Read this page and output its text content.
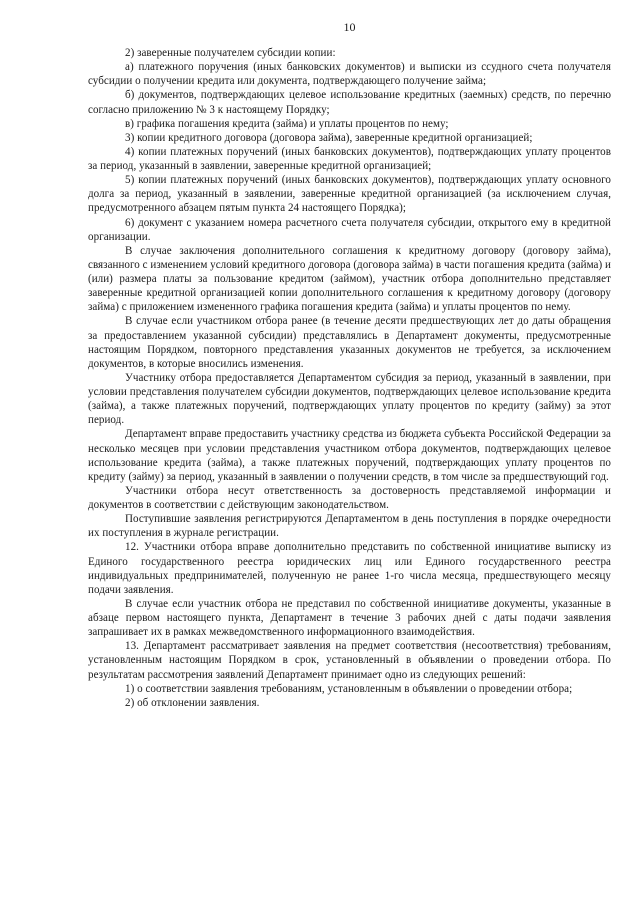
10

2) заверенные получателем субсидии копии:

а) платежного поручения (иных банковских документов) и выписки из ссудного счета получателя субсидии о получении кредита или документа, подтверждающего получение займа;

б) документов, подтверждающих целевое использование кредитных (заемных) средств, по перечню согласно приложению № 3 к настоящему Порядку;

в) графика погашения кредита (займа) и уплаты процентов по нему;

3) копии кредитного договора (договора займа), заверенные кредитной организацией;

4) копии платежных поручений (иных банковских документов), подтверждающих уплату процентов за период, указанный в заявлении, заверенные кредитной организацией;

5) копии платежных поручений (иных банковских документов), подтверждающих уплату основного долга за период, указанный в заявлении, заверенные кредитной организацией (за исключением случая, предусмотренного абзацем пятым пункта 24 настоящего Порядка);

6) документ с указанием номера расчетного счета получателя субсидии, открытого ему в кредитной организации.

В случае заключения дополнительного соглашения к кредитному договору (договору займа), связанного с изменением условий кредитного договора (договора займа) в части погашения кредита (займа) и (или) размера платы за пользование кредитом (займом), участник отбора дополнительно представляет заверенные кредитной организацией копии дополнительного соглашения к кредитному договору (договору займа) с приложением измененного графика погашения кредита (займа) и уплаты процентов по нему.

В случае если участником отбора ранее (в течение десяти предшествующих лет до даты обращения за предоставлением указанной субсидии) представлялись в Департамент документы, предусмотренные настоящим Порядком, повторного представления указанных документов не требуется, за исключением документов, в которые вносились изменения.

Участнику отбора предоставляется Департаментом субсидия за период, указанный в заявлении, при условии представления получателем субсидии документов, подтверждающих целевое использование кредита (займа), а также платежных поручений, подтверждающих уплату процентов по кредиту (займу) за этот период.

Департамент вправе предоставить участнику средства из бюджета субъекта Российской Федерации за несколько месяцев при условии представления участником отбора документов, подтверждающих целевое использование кредита (займа), а также платежных поручений, подтверждающих уплату процентов по кредиту (займу) за период, указанный в заявлении о получении средств, в том числе за предшествующий год.

Участники отбора несут ответственность за достоверность представляемой информации и документов в соответствии с действующим законодательством.

Поступившие заявления регистрируются Департаментом в день поступления в порядке очередности их поступления в журнале регистрации.

12. Участники отбора вправе дополнительно представить по собственной инициативе выписку из Единого государственного реестра юридических лиц или Единого государственного реестра индивидуальных предпринимателей, полученную не ранее 1-го числа месяца, предшествующего месяцу подачи заявления.

В случае если участник отбора не представил по собственной инициативе документы, указанные в абзаце первом настоящего пункта, Департамент в течение 3 рабочих дней с даты подачи заявления запрашивает их в рамках межведомственного информационного взаимодействия.

13. Департамент рассматривает заявления на предмет соответствия (несоответствия) требованиям, установленным настоящим Порядком в срок, установленный в объявлении о проведении отбора. По результатам рассмотрения заявлений Департамент принимает одно из следующих решений:

1) о соответствии заявления требованиям, установленным в объявлении о проведении отбора;

2) об отклонении заявления.
